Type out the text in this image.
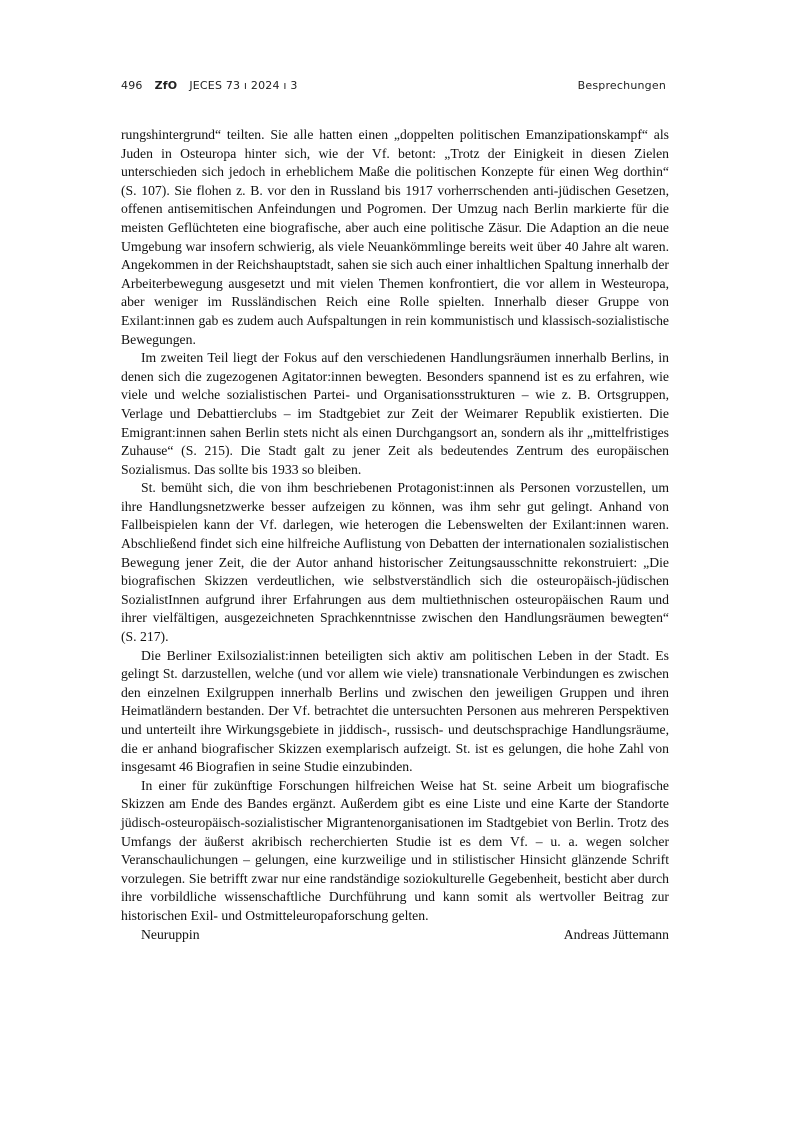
496 ZfO JECES 73 ı 2024 ı 3	Besprechungen

rungshintergrund“ teilten. Sie alle hatten einen „doppelten politischen Emanzipationskampf“ als Juden in Osteuropa hinter sich, wie der Vf. betont: „Trotz der Einigkeit in diesen Zielen unterschieden sich jedoch in erheblichem Maße die politischen Konzepte für einen Weg dorthin“ (S. 107). Sie flohen z. B. vor den in Russland bis 1917 vorherrschenden anti-jüdischen Gesetzen, offenen antisemitischen Anfeindungen und Pogromen. Der Umzug nach Berlin markierte für die meisten Geflüchteten eine biografische, aber auch eine politische Zäsur. Die Adaption an die neue Umgebung war insofern schwierig, als viele Neuankömmlinge bereits weit über 40 Jahre alt waren. Angekommen in der Reichshauptstadt, sahen sie sich auch einer inhaltlichen Spaltung innerhalb der Arbeiterbewegung ausgesetzt und mit vielen Themen konfrontiert, die vor allem in Westeuropa, aber weniger im Russländischen Reich eine Rolle spielten. Innerhalb dieser Gruppe von Exilant:innen gab es zudem auch Aufspaltungen in rein kommunistisch und klassisch-sozialistische Bewegungen.

Im zweiten Teil liegt der Fokus auf den verschiedenen Handlungsräumen innerhalb Berlins, in denen sich die zugezogenen Agitator:innen bewegten. Besonders spannend ist es zu erfahren, wie viele und welche sozialistischen Partei- und Organisationsstrukturen – wie z. B. Ortsgruppen, Verlage und Debattierclubs – im Stadtgebiet zur Zeit der Weimarer Republik existierten. Die Emigrant:innen sahen Berlin stets nicht als einen Durchgangsort an, sondern als ihr „mittelfristiges Zuhause“ (S. 215). Die Stadt galt zu jener Zeit als bedeutendes Zentrum des europäischen Sozialismus. Das sollte bis 1933 so bleiben.

St. bemüht sich, die von ihm beschriebenen Protagonist:innen als Personen vorzustellen, um ihre Handlungsnetzwerke besser aufzeigen zu können, was ihm sehr gut gelingt. Anhand von Fallbeispielen kann der Vf. darlegen, wie heterogen die Lebenswelten der Exilant:innen waren. Abschließend findet sich eine hilfreiche Auflistung von Debatten der internationalen sozialistischen Bewegung jener Zeit, die der Autor anhand historischer Zeitungsausschnitte rekonstruiert: „Die biografischen Skizzen verdeutlichen, wie selbstverständlich sich die osteuropäisch-jüdischen SozialistInnen aufgrund ihrer Erfahrungen aus dem multiethnischen osteuropäischen Raum und ihrer vielfältigen, ausgezeichneten Sprachkenntnisse zwischen den Handlungsräumen bewegten“ (S. 217).

Die Berliner Exilsozialist:innen beteiligten sich aktiv am politischen Leben in der Stadt. Es gelingt St. darzustellen, welche (und vor allem wie viele) transnationale Verbindungen es zwischen den einzelnen Exilgruppen innerhalb Berlins und zwischen den jeweiligen Gruppen und ihren Heimatländern bestanden. Der Vf. betrachtet die untersuchten Personen aus mehreren Perspektiven und unterteilt ihre Wirkungsgebiete in jiddisch-, russisch- und deutschsprachige Handlungsräume, die er anhand biografischer Skizzen exemplarisch aufzeigt. St. ist es gelungen, die hohe Zahl von insgesamt 46 Biografien in seine Studie einzubinden.

In einer für zukünftige Forschungen hilfreichen Weise hat St. seine Arbeit um biografische Skizzen am Ende des Bandes ergänzt. Außerdem gibt es eine Liste und eine Karte der Standorte jüdisch-osteuropäisch-sozialistischer Migrantenorganisationen im Stadtgebiet von Berlin. Trotz des Umfangs der äußerst akribisch recherchierten Studie ist es dem Vf. – u. a. wegen solcher Veranschaulichungen – gelungen, eine kurzweilige und in stilistischer Hinsicht glänzende Schrift vorzulegen. Sie betrifft zwar nur eine randständige soziokulturelle Gegebenheit, besticht aber durch ihre vorbildliche wissenschaftliche Durchführung und kann somit als wertvoller Beitrag zur historischen Exil- und Ostmitteleuropaforschung gelten.

Neuruppin	Andreas Jüttemann
